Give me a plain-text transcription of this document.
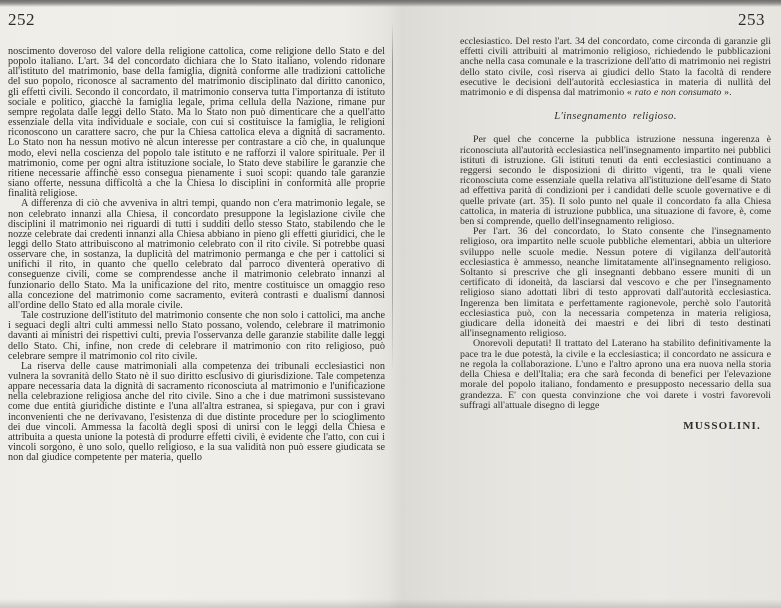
252

noscimento doveroso del valore della religione cattolica, come religione dello Stato e del popolo italiano. L'art. 34 del concordato dichiara che lo Stato italiano, volendo ridonare all'istituto del matrimonio, base della famiglia, dignità conforme alle tradizioni cattoliche del suo popolo, riconosce al sacramento del matrimonio disciplinato dal diritto canonico, gli effetti civili. Secondo il concordato, il matrimonio conserva tutta l'importanza di istituto sociale e politico, giacchè la famiglia legale, prima cellula della Nazione, rimane pur sempre regolata dalle leggi dello Stato. Ma lo Stato non può dimenticare che a quell'atto essenziale della vita individuale e sociale, con cui si costituisce la famiglia, le religioni riconoscono un carattere sacro, che pur la Chiesa cattolica eleva a dignità di sacramento. Lo Stato non ha nessun motivo nè alcun interesse per contrastare a ciò che, in qualunque modo, elevi nella coscienza del popolo tale istituto e ne rafforzi il valore spirituale. Per il matrimonio, come per ogni altra istituzione sociale, lo Stato deve stabilire le garanzie che ritiene necessarie affinchè esso consegua pienamente i suoi scopi: quando tale garanzie siano offerte, nessuna difficoltà a che la Chiesa lo disciplini in conformità alle proprie finalità religiose.

A differenza di ciò che avveniva in altri tempi, quando non c'era matrimonio legale, se non celebrato innanzi alla Chiesa, il concordato presuppone la legislazione civile che disciplini il matrimonio nei riguardi di tutti i sudditi dello stesso Stato, stabilendo che le nozze celebrate dai credenti innanzi alla Chiesa abbiano in pieno gli effetti giuridici, che le leggi dello Stato attribuiscono al matrimonio celebrato con il rito civile. Si potrebbe quasi osservare che, in sostanza, la duplicità del matrimonio permanga e che per i cattolici si unifichi il rito, in quanto che quello celebrato dal parroco diventerà operativo di conseguenze civili, come se comprendesse anche il matrimonio celebrato innanzi al funzionario dello Stato. Ma la unificazione del rito, mentre costituisce un omaggio reso alla concezione del matrimonio come sacramento, eviterà contrasti e dualismi dannosi all'ordine dello Stato ed alla morale civile.

Tale costruzione dell'istituto del matrimonio consente che non solo i cattolici, ma anche i seguaci degli altri culti ammessi nello Stato possano, volendo, celebrare il matrimonio davanti ai ministri dei rispettivi culti, previa l'osservanza delle garanzie stabilite dalle leggi dello Stato. Chi, infine, non crede di celebrare il matrimonio con rito religioso, può celebrare sempre il matrimonio col rito civile.

La riserva delle cause matrimoniali alla competenza dei tribunali ecclesiastici non vulnera la sovranità dello Stato nè il suo diritto esclusivo di giurisdizione. Tale competenza appare necessaria data la dignità di sacramento riconosciuta al matrimonio e l'unificazione nella celebrazione religiosa anche del rito civile. Sino a che i due matrimoni sussistevano come due entità giuridiche distinte e l'una all'altra estranea, si spiegava, pur con i gravi inconvenienti che ne derivavano, l'esistenza di due distinte procedure per lo scioglimento dei due vincoli. Ammessa la facoltà degli sposi di unirsi con le leggi della Chiesa e attribuita a questa unione la potestà di produrre effetti civili, è evidente che l'atto, con cui i vincoli sorgono, è uno solo, quello religioso, e la sua validità non può essere giudicata se non dal giudice competente per materia, quello

253

ecclesiastico. Del resto l'art. 34 del concordato, come circonda di garanzie gli effetti civili attribuiti al matrimonio religioso, richiedendo le pubblicazioni anche nella casa comunale e la trascrizione dell'atto di matrimonio nei registri dello stato civile, così riserva ai giudici dello Stato la facoltà di rendere esecutive le decisioni dell'autorità ecclesiastica in materia di nullità del matrimonio e di dispensa dal matrimonio « rato e non consumato ».

L'insegnamento religioso.

Per quel che concerne la pubblica istruzione nessuna ingerenza è riconosciuta all'autorità ecclesiastica nell'insegnamento impartito nei pubblici istituti di istruzione. Gli istituti tenuti da enti ecclesiastici continuano a reggersi secondo le disposizioni di diritto vigenti, tra le quali viene riconosciuta come essenziale quella relativa all'istituzione dell'esame di Stato ad effettiva parità di condizioni per i candidati delle scuole governative e di quelle private (art. 35). Il solo punto nel quale il concordato fa alla Chiesa cattolica, in materia di istruzione pubblica, una situazione di favore, è, come ben si comprende, quello dell'insegnamento religioso.

Per l'art. 36 del concordato, lo Stato consente che l'insegnamento religioso, ora impartito nelle scuole pubbliche elementari, abbia un ulteriore sviluppo nelle scuole medie. Nessun potere di vigilanza dell'autorità ecclesiastica è ammesso, neanche limitatamente all'insegnamento religioso. Soltanto si prescrive che gli insegnanti debbano essere muniti di un certificato di idoneità, da lasciarsi dal vescovo e che per l'insegnamento religioso siano adottati libri di testo approvati dall'autorità ecclesiastica. Ingerenza ben limitata e perfettamente ragionevole, perchè solo l'autorità ecclesiastica può, con la necessaria competenza in materia religiosa, giudicare della idoneità dei maestri e dei libri di testo destinati all'insegnamento religioso.

Onorevoli deputati! Il trattato del Laterano ha stabilito definitivamente la pace tra le due potestà, la civile e la ecclesiastica; il concordato ne assicura e ne regola la collaborazione. L'uno e l'altro aprono una era nuova nella storia della Chiesa e dell'Italia; era che sarà feconda di benefici per l'elevazione morale del popolo italiano, fondamento e presupposto necessario della sua grandezza. E' con questa convinzione che voi darete i vostri favorevoli suffragi all'attuale disegno di legge

MUSSOLINI.
